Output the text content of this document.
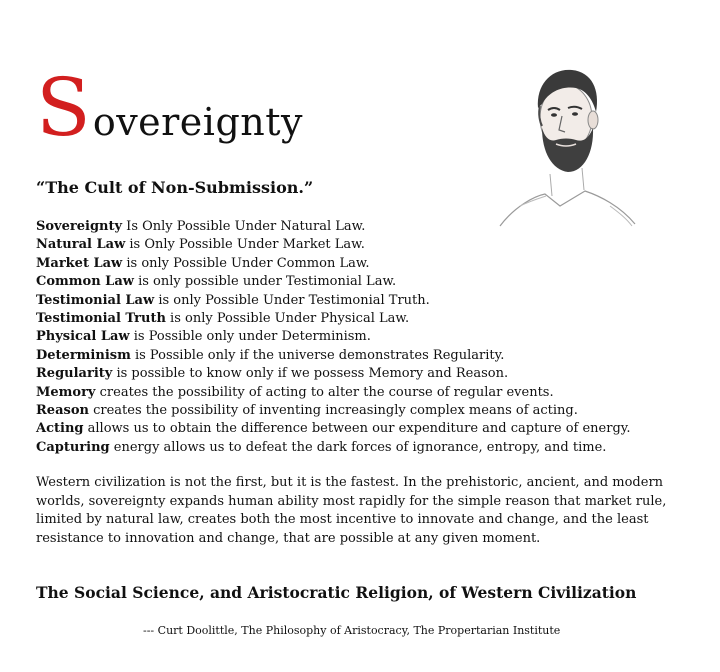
S overeignty
“The Cult of Non-Submission.”
Sovereignty Is Only Possible Under Natural Law.
Natural Law is Only Possible Under Market Law.
Market Law is only Possible Under Common Law.
Common Law is only possible under Testimonial Law.
Testimonial Law is only Possible Under Testimonial Truth.
Testimonial Truth is only Possible Under Physical Law.
Physical Law is Possible only under Determinism.
Determinism is Possible only if the universe demonstrates Regularity.
Regularity is possible to know only if we possess Memory and Reason.
Memory creates the possibility of acting to alter the course of regular events.
Reason creates the possibility of inventing increasingly complex means of acting.
Acting allows us to obtain the difference between our expenditure and capture of energy.
Capturing energy allows us to defeat the dark forces of ignorance, entropy, and time.
Western civilization is not the first, but it is the fastest. In the prehistoric, ancient, and modern worlds, sovereignty expands human ability most rapidly for the simple reason that market rule, limited by natural law, creates both the most incentive to innovate and change, and the least resistance to innovation and change, that are possible at any given moment.
The Social Science, and Aristocratic Religion, of Western Civilization
--- Curt Doolittle, The Philosophy of Aristocracy, The Propertarian Institute
